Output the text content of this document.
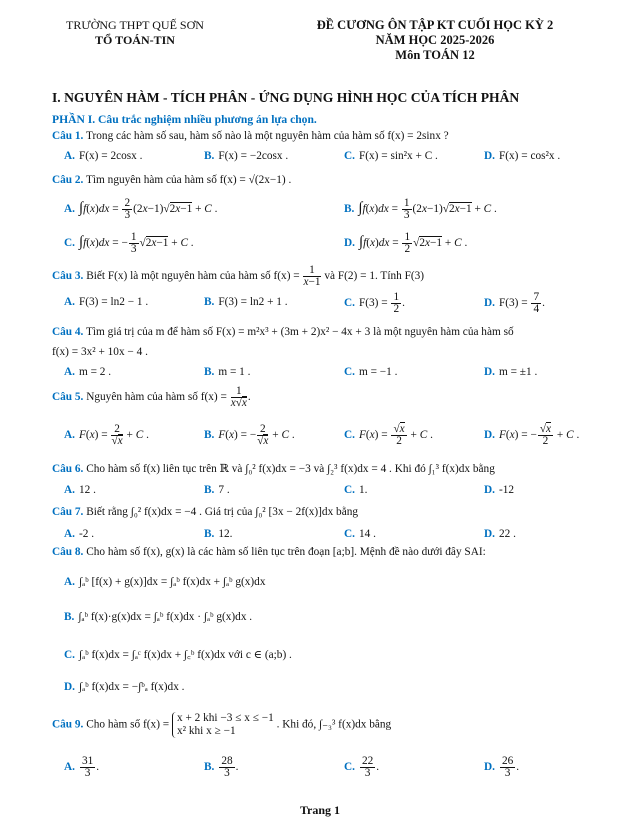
TRƯỜNG THPT QUẾ SƠN
TỔ TOÁN-TIN
ĐỀ CƯƠNG ÔN TẬP KT CUỐI HỌC KỲ 2
NĂM HỌC 2025-2026
Môn TOÁN 12
I. NGUYÊN HÀM - TÍCH PHÂN - ỨNG DỤNG HÌNH HỌC CỦA TÍCH PHÂN
PHẦN I. Câu trắc nghiệm nhiều phương án lựa chọn.
Câu 1. Trong các hàm số sau, hàm số nào là một nguyên hàm của hàm số f(x) = 2sinx ?
A. F(x) = 2cosx .	B. F(x) = −2cosx .	C. F(x) = sin²x + C .	D. F(x) = cos²x .
Câu 2. Tìm nguyên hàm của hàm số f(x) = √(2x−1) .
A. $\int f(x)dx = \frac{2}{3} (2x-1)√2x-1 + C$ .	B. $\int f(x)dx = \frac{1}{3} (2x-1)√2x-1 + C$ .
C. ∫f(x)dx = − $\frac{1}{3} √2x-1 + C$ .	D. $\int f(x)dx = \frac{1}{2} √2x-1 + C$ .
Câu 3. Biết F(x) là một nguyên hàm của hàm số $f(x) = \frac{1}{x-1}$ và F(2) = 1. Tính F(3)
A. F(3) = ln2 − 1 .	B. F(3) = ln2 + 1 .	C. $F(3) = \frac{1}{2}$ .	D. $F(3) = \frac{7}{4}$ .
Câu 4. Tìm giá trị của m để hàm số F(x) = m²x³ + (3m + 2)x² − 4x + 3 là một nguyên hàm của hàm số
f(x) = 3x² + 10x − 4 .
A. m = 2 .	B. m = 1 .	C. m = −1 .	D. m = ±1 .
Câu 5. Nguyên hàm của hàm số $f(x) = \frac{1}{x√x}$ .
A. $F(x) = \frac{2}{√x} + C$ .	B. F(x) = − $\frac{2}{√x} + C$ .	C. $F(x) = \frac{√x}{2} + C$ .	D. F(x) = − $\frac{√x}{2} + C$ .
Câu 6. Cho hàm số f(x) liên tục trên ℝ và ∫₀² f(x)dx = −3 và ∫₂³ f(x)dx = 4 . Khi đó ∫₁³ f(x)dx bằng
A. 12 .	B. 7 .	C. 1.	D. -12
Câu 7. Biết rằng ∫₀² f(x)dx = −4 . Giá trị của ∫₀² [3x − 2f(x)]dx bằng
A. -2 .	B. 12.	C. 14 .	D. 22 .
Câu 8. Cho hàm số f(x), g(x) là các hàm số liên tục trên đoạn [a;b]. Mệnh đề nào dưới đây SAI:
A. ∫ₐᵇ [f(x) + g(x)]dx = ∫ₐᵇ f(x)dx + ∫ₐᵇ g(x)dx
B. ∫ₐᵇ f(x)·g(x)dx = ∫ₐᵇ f(x)dx · ∫ₐᵇ g(x)dx .
C. ∫ₐᵇ f(x)dx = ∫ₐᶜ f(x)dx + ∫꜀ᵇ f(x)dx với c ∈ (a;b) .
D. ∫ₐᵇ f(x)dx = −∫ᵇₐ f(x)dx .
Câu 9. Cho hàm số f(x) =
x + 2 khi −3 ≤ x ≤ −1
x² khi x ≥ −1
. Khi đó, ∫₋₃³ f(x)dx bằng
A. $\frac{31}{3}$ .	B. $\frac{28}{3}$ .	C. $\frac{22}{3}$ .	D. $\frac{26}{3}$ .
Trang 1
